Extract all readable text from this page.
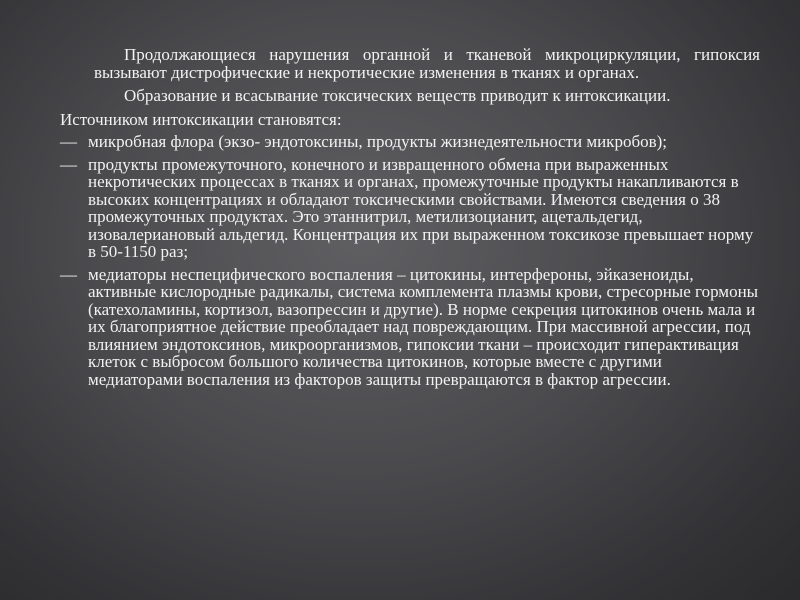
Продолжающиеся нарушения органной и тканевой микроциркуляции, гипоксия вызывают дистрофические и некротические изменения в тканях и органах.

Образование и всасывание токсических веществ приводит к интоксикации.

Источником интоксикации становятся:

— микробная флора (экзо- эндотоксины, продукты жизнедеятельности микробов);
— продукты промежуточного, конечного и извращенного обмена при выраженных некротических процессах в тканях и органах, промежуточные продукты накапливаются в высоких концентрациях и обладают токсическими свойствами. Имеются сведения о 38 промежуточных продуктах. Это этаннитрил, метилизоцианит, ацетальдегид, изовалериановый альдегид. Концентрация их при выраженном токсикозе превышает норму в 50-1150 раз;
— медиаторы неспецифического воспаления – цитокины, интерфероны, эйказеноиды, активные кислородные радикалы, система комплемента плазмы крови, стресорные гормоны (катехоламины, кортизол, вазопрессин и другие). В норме секреция цитокинов очень мала и их благоприятное действие преобладает над повреждающим. При массивной агрессии, под влиянием эндотоксинов, микроорганизмов, гипоксии ткани – происходит гиперактивация клеток с выбросом большого количества цитокинов, которые вместе с другими медиаторами воспаления из факторов защиты превращаются в фактор агрессии.
